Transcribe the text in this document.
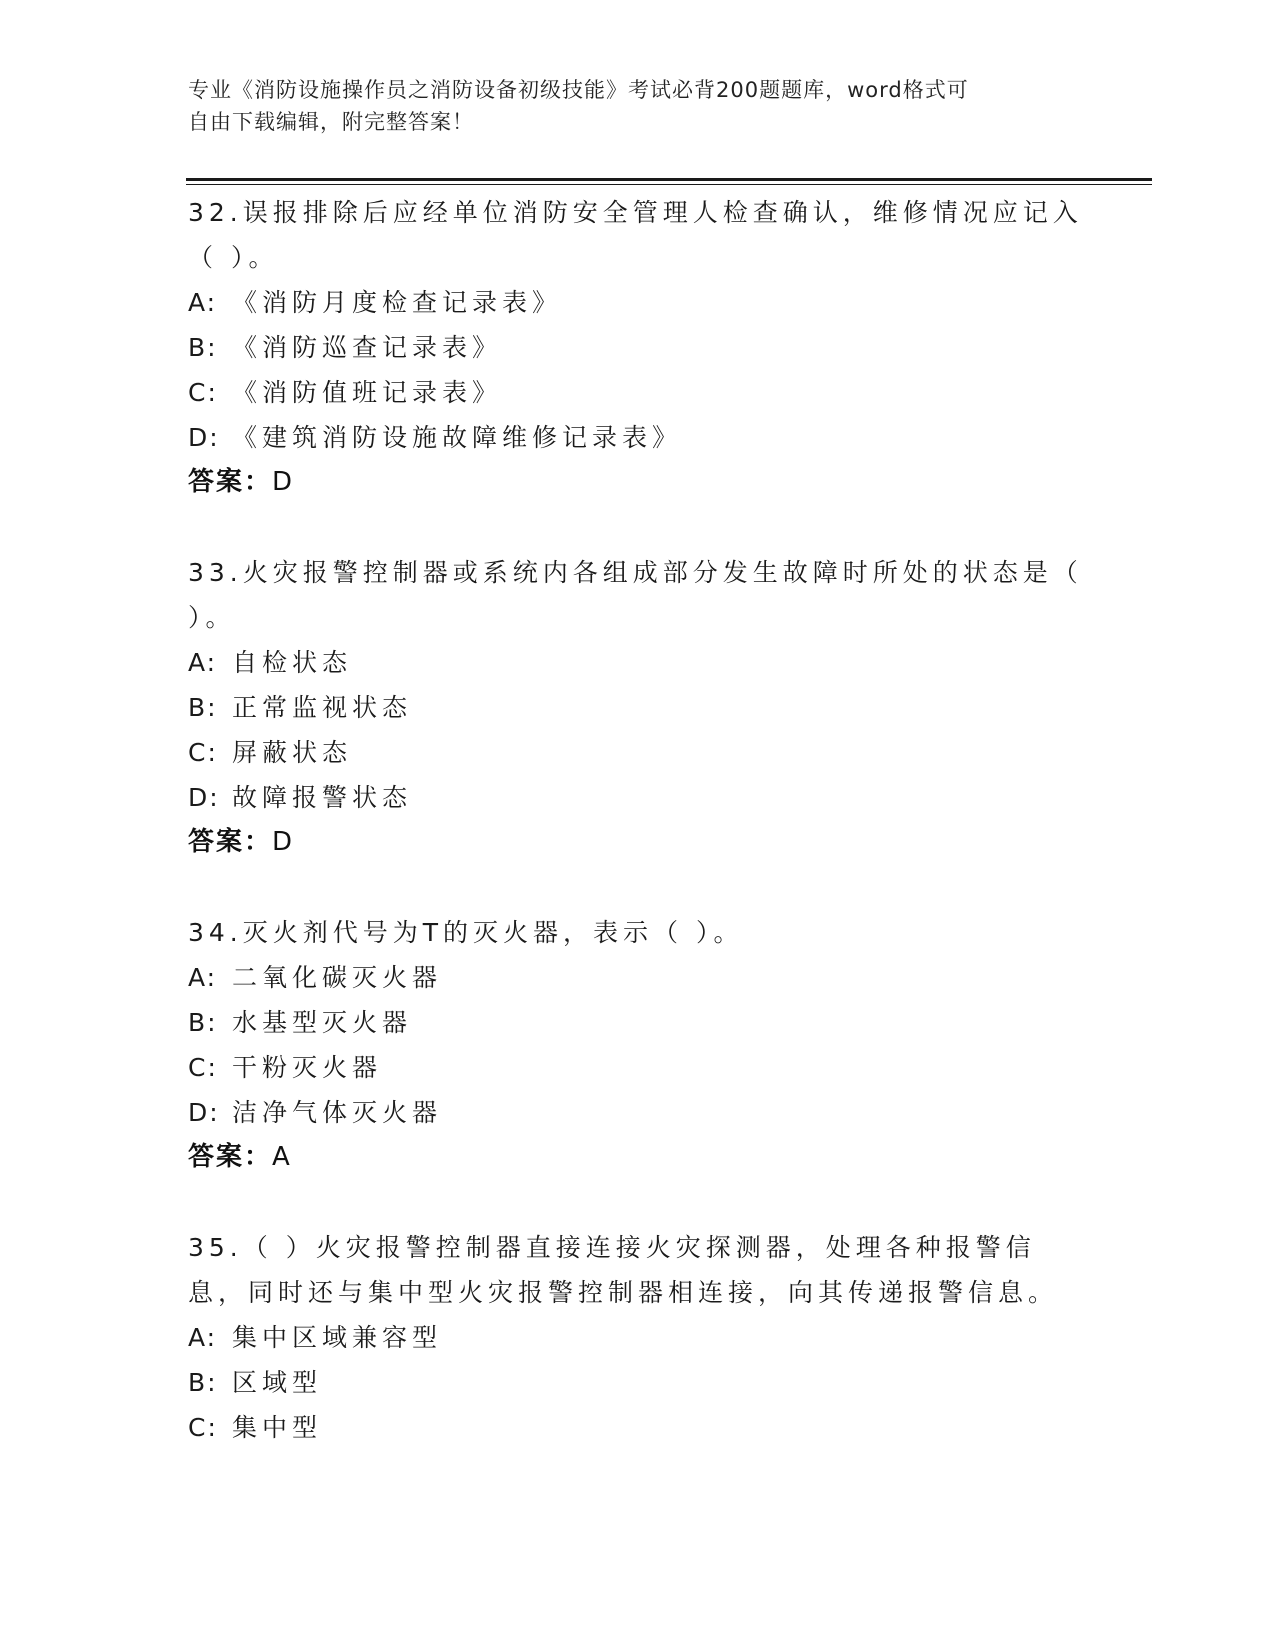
专业《消防设施操作员之消防设备初级技能》考试必背200题题库，word格式可
自由下载编辑，附完整答案！
32.误报排除后应经单位消防安全管理人检查确认，维修情况应记入（ ）。
A: 《消防月度检查记录表》
B: 《消防巡查记录表》
C: 《消防值班记录表》
D: 《建筑消防设施故障维修记录表》
答案：D
33.火灾报警控制器或系统内各组成部分发生故障时所处的状态是（ ）。
A: 自检状态
B: 正常监视状态
C: 屏蔽状态
D: 故障报警状态
答案：D
34.灭火剂代号为T的灭火器，表示（ ）。
A: 二氧化碳灭火器
B: 水基型灭火器
C: 干粉灭火器
D: 洁净气体灭火器
答案：A
35.（ ）火灾报警控制器直接连接火灾探测器，处理各种报警信息，同时还与集中型火灾报警控制器相连接，向其传递报警信息。
A: 集中区域兼容型
B: 区域型
C: 集中型
